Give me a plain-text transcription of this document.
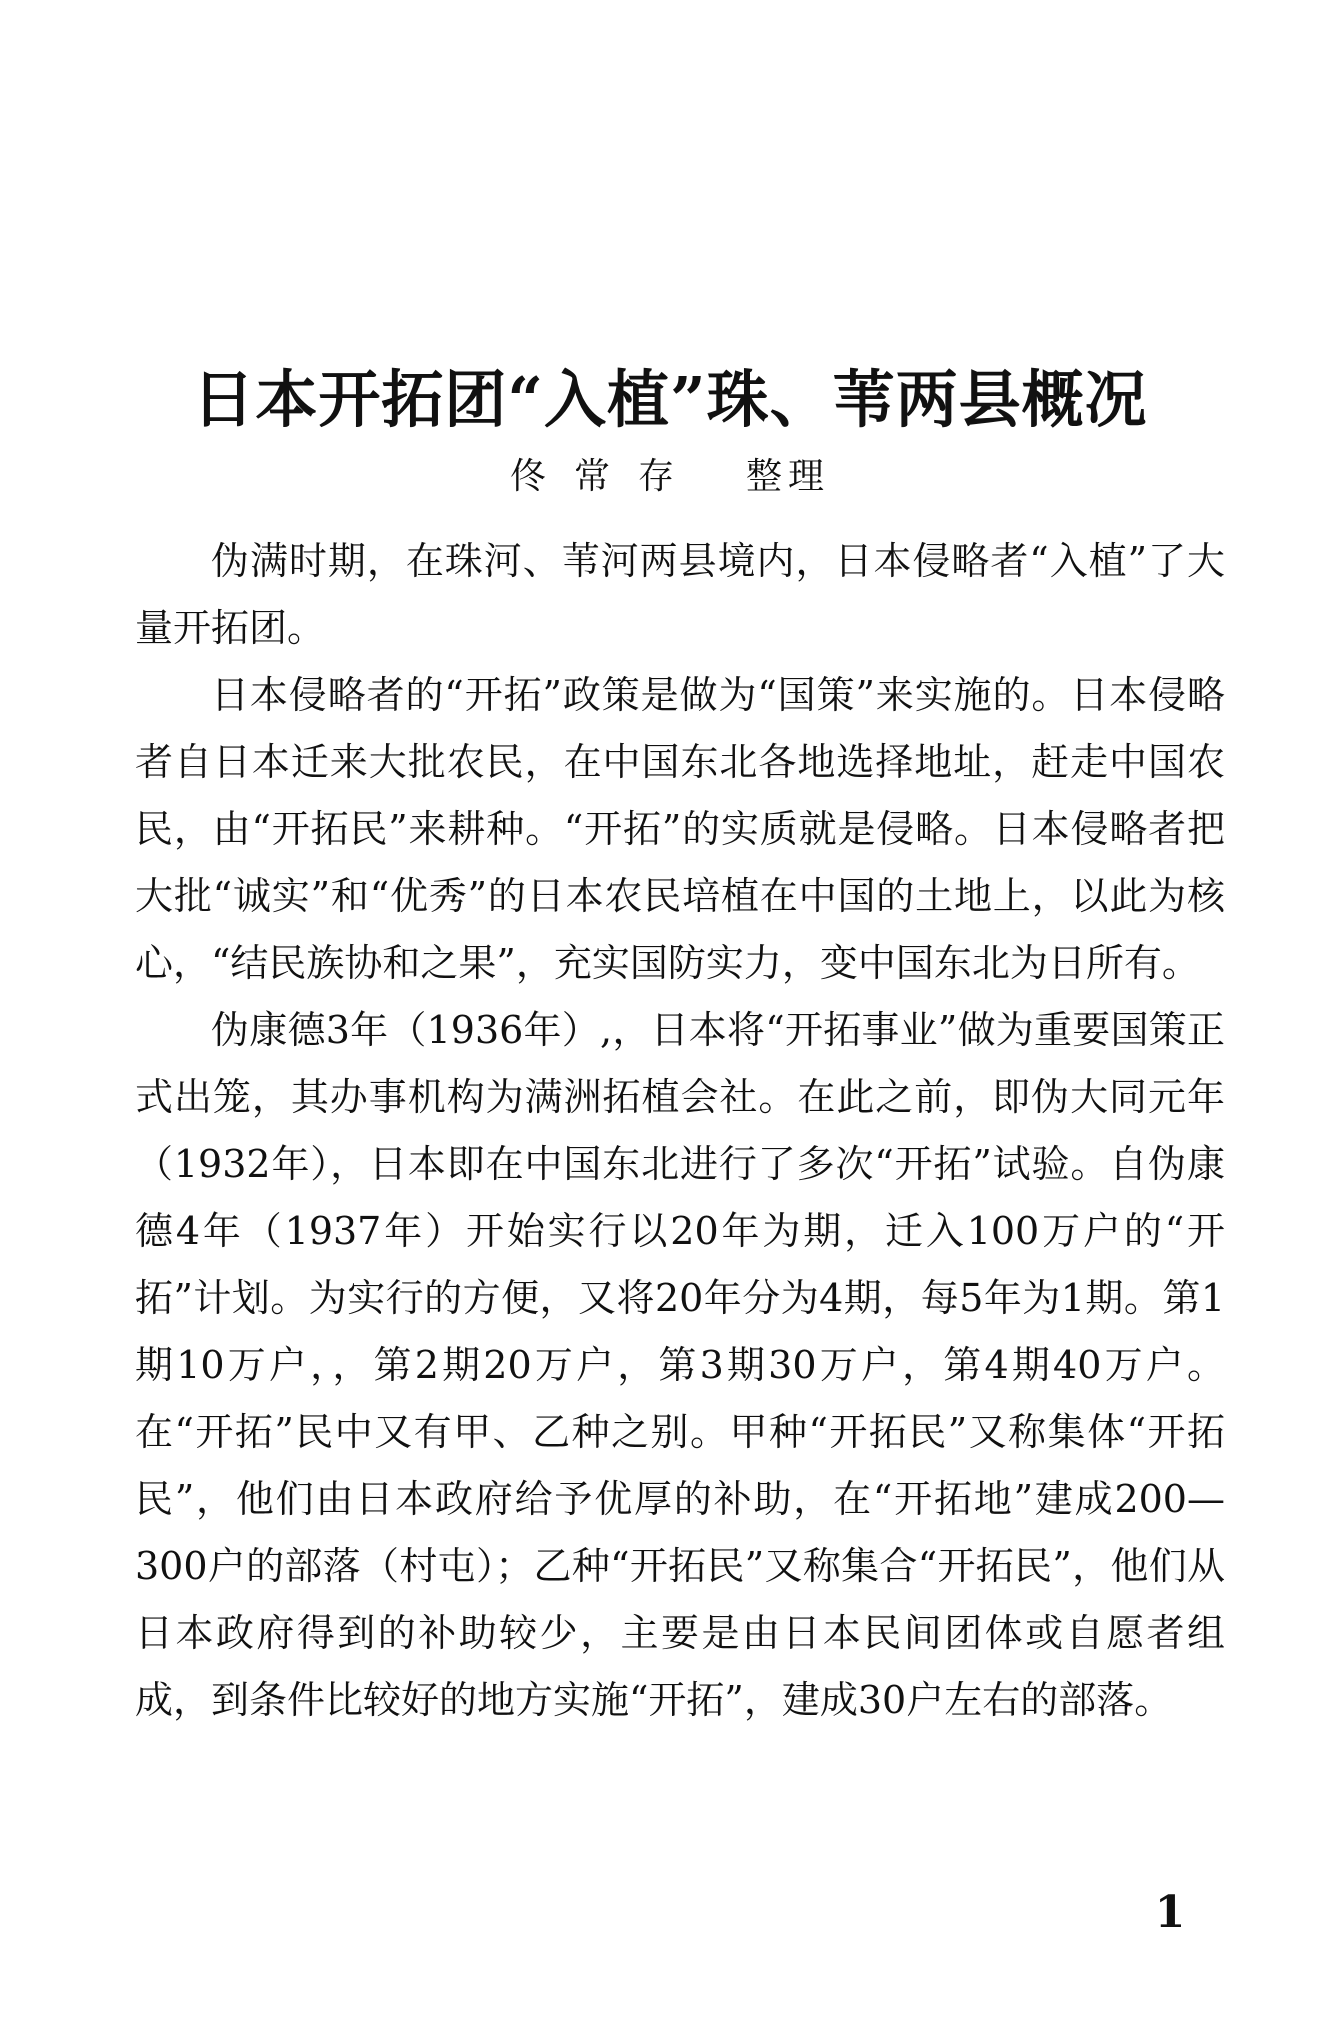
日本开拓团“入植”珠、苇两县概况
佟常存 整理

伪满时期，在珠河、苇河两县境内，日本侵略者“入植”了大量开拓团。

日本侵略者的“开拓”政策是做为“国策”来实施的。日本侵略者自日本迁来大批农民，在中国东北各地选择地址，赶走中国农民，由“开拓民”来耕种。“开拓”的实质就是侵略。日本侵略者把大批“诚实”和“优秀”的日本农民培植在中国的土地上，以此为核心，“结民族协和之果”，充实国防实力，变中国东北为日所有。

伪康德3年（1936年）,，日本将“开拓事业”做为重要国策正式出笼，其办事机构为满洲拓植会社。在此之前，即伪大同元年（1932年），日本即在中国东北进行了多次“开拓”试验。自伪康德4年（1937年）开始实行以20年为期，迁入100万户的“开拓”计划。为实行的方便，又将20年分为4期，每5年为1期。第1期10万户，，第2期20万户，第3期30万户，第4期40万户。在“开拓”民中又有甲、乙种之别。甲种“开拓民”又称集体“开拓民”，他们由日本政府给予优厚的补助，在“开拓地”建成200—300户的部落（村屯）；乙种“开拓民”又称集合“开拓民”，他们从日本政府得到的补助较少，主要是由日本民间团体或自愿者组成，到条件比较好的地方实施“开拓”，建成30户左右的部落。

1
